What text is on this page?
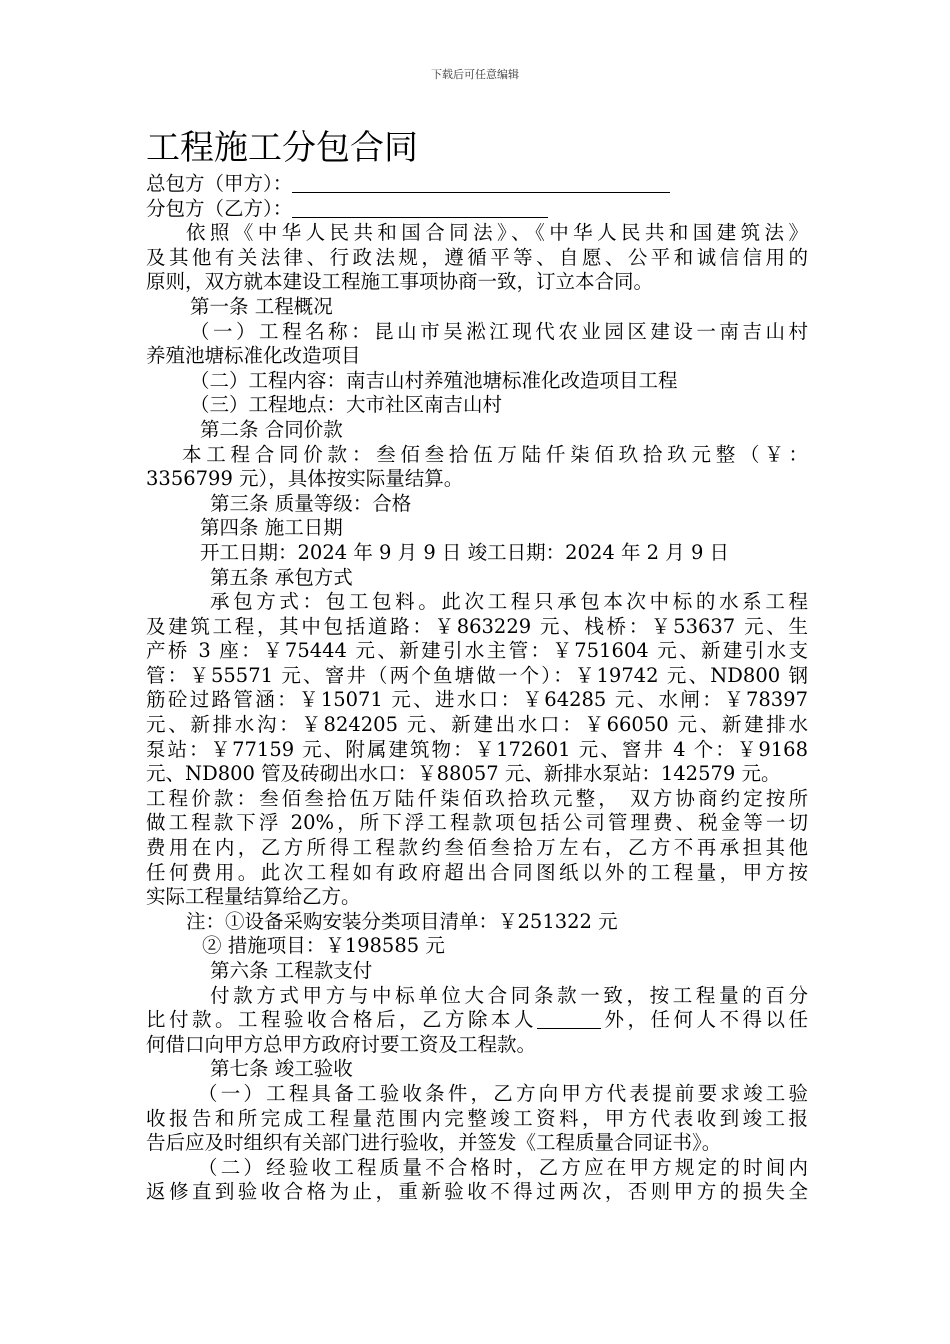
下载后可任意编辑
工程施工分包合同
总包方（甲方）：
分包方（乙方）：
依照《中华人民共和国合同法》、《中华人民共和国建筑法》
及其他有关法律、行政法规，遵循平等、自愿、公平和诚信信用的
原则，双方就本建设工程施工事项协商一致，订立本合同。
第一条 工程概况
（一）工程名称：昆山市吴淞江现代农业园区建设一南吉山村
养殖池塘标准化改造项目
（二）工程内容：南吉山村养殖池塘标准化改造项目工程
（三）工程地点：大市社区南吉山村
第二条 合同价款
本工程合同价款：叁佰叁拾伍万陆仟柒佰玖拾玖元整（￥：
3356799 元），具体按实际量结算。
第三条 质量等级：合格
第四条 施工日期
开工日期：2024 年 9 月 9 日 竣工日期：2024 年 2 月 9 日
第五条 承包方式
承包方式：包工包料。此次工程只承包本次中标的水系工程
及建筑工程，其中包括道路：￥863229 元、栈桥：￥53637 元、生
产桥 3 座：￥75444 元、新建引水主管：￥751604 元、新建引水支
管：￥55571 元、窨井（两个鱼塘做一个）：￥19742 元、ND800 钢
筋砼过路管涵：￥15071 元、进水口：￥64285 元、水闸：￥78397
元、新排水沟：￥824205 元、新建出水口：￥66050 元、新建排水
泵站：￥77159 元、附属建筑物：￥172601 元、窨井 4 个：￥9168
元、ND800 管及砖砌出水口：￥88057 元、新排水泵站：142579 元。
工程价款：叁佰叁拾伍万陆仟柒佰玖拾玖元整， 双方协商约定按所
做工程款下浮 20%，所下浮工程款项包括公司管理费、税金等一切
费用在内，乙方所得工程款约叁佰叁拾万左右，乙方不再承担其他
任何费用。此次工程如有政府超出合同图纸以外的工程量，甲方按
实际工程量结算给乙方。
注：①设备采购安装分类项目清单：￥251322 元
② 措施项目：￥198585 元
第六条 工程款支付
付款方式甲方与中标单位大合同条款一致，按工程量的百分
比付款。工程验收合格后，乙方除本人	外，任何人不得以任
何借口向甲方总甲方政府讨要工资及工程款。
第七条 竣工验收
（一）工程具备工验收条件，乙方向甲方代表提前要求竣工验
收报告和所完成工程量范围内完整竣工资料，甲方代表收到竣工报
告后应及时组织有关部门进行验收，并签发《工程质量合同证书》。
（二）经验收工程质量不合格时，乙方应在甲方规定的时间内
返修直到验收合格为止，重新验收不得过两次，否则甲方的损失全
